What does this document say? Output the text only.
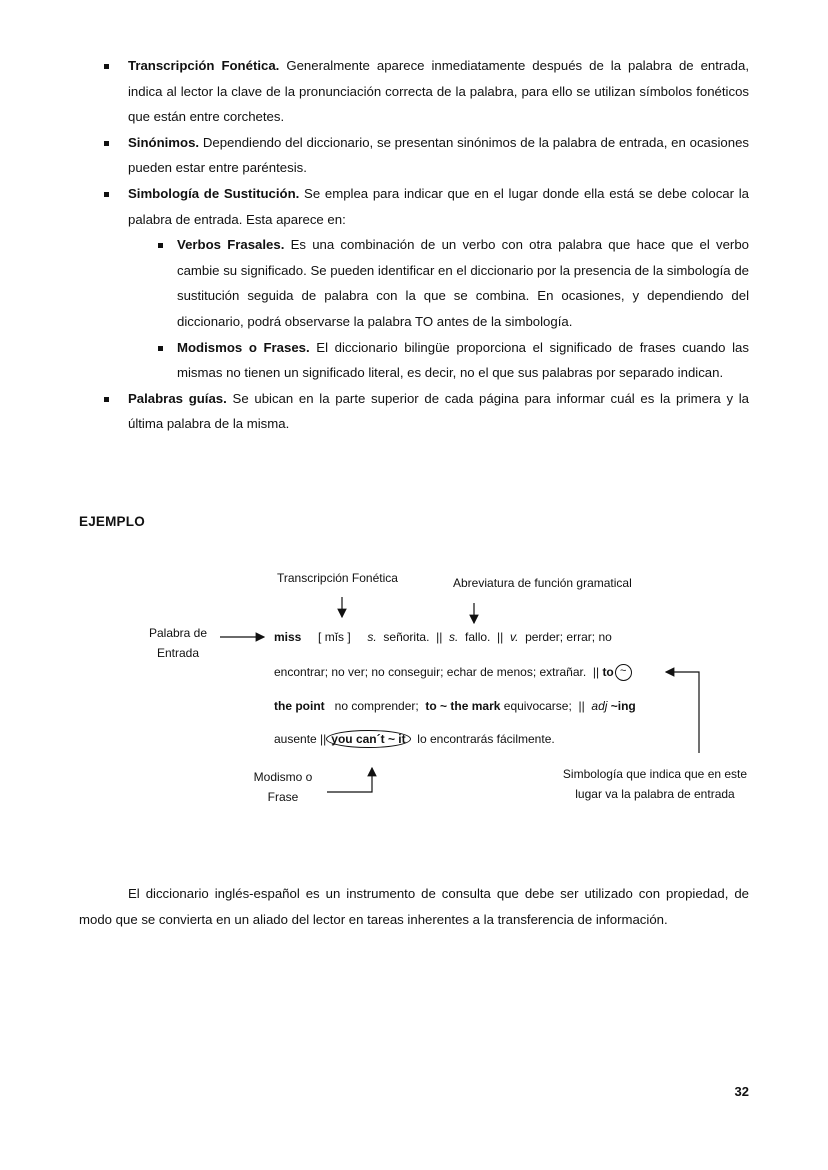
Transcripción Fonética. Generalmente aparece inmediatamente después de la palabra de entrada, indica al lector la clave de la pronunciación correcta de la palabra, para ello se utilizan símbolos fonéticos que están entre corchetes.
Sinónimos. Dependiendo del diccionario, se presentan sinónimos de la palabra de entrada, en ocasiones pueden estar entre paréntesis.
Simbología de Sustitución. Se emplea para indicar que en el lugar donde ella está se debe colocar la palabra de entrada. Esta aparece en:
Verbos Frasales. Es una combinación de un verbo con otra palabra que hace que el verbo cambie su significado. Se pueden identificar en el diccionario por la presencia de la simbología de sustitución seguida de palabra con la que se combina. En ocasiones, y dependiendo del diccionario, podrá observarse la palabra TO antes de la simbología.
Modismos o Frases. El diccionario bilingüe proporciona el significado de frases cuando las mismas no tienen un significado literal, es decir, no el que sus palabras por separado indican.
Palabras guías. Se ubican en la parte superior de cada página para informar cuál es la primera y la última palabra de la misma.
EJEMPLO
Transcripción Fonética	Abreviatura de función gramatical
Palabra de
Entrada
miss [ mĭs ] s. señorita. || s. fallo. || v. perder; errar; no
encontrar; no ver; no conseguir; echar de menos; extrañar. || to ~
the point no comprender; to ~ the mark equivocarse; || adj ~ing
ausente || you can´t ~ it lo encontrarás fácilmente.
Modismo o
Frase
Simbología que indica que en este
lugar va la palabra de entrada
El diccionario inglés-español es un instrumento de consulta que debe ser utilizado con propiedad, de modo que se convierta en un aliado del lector en tareas inherentes a la transferencia de información.
32
